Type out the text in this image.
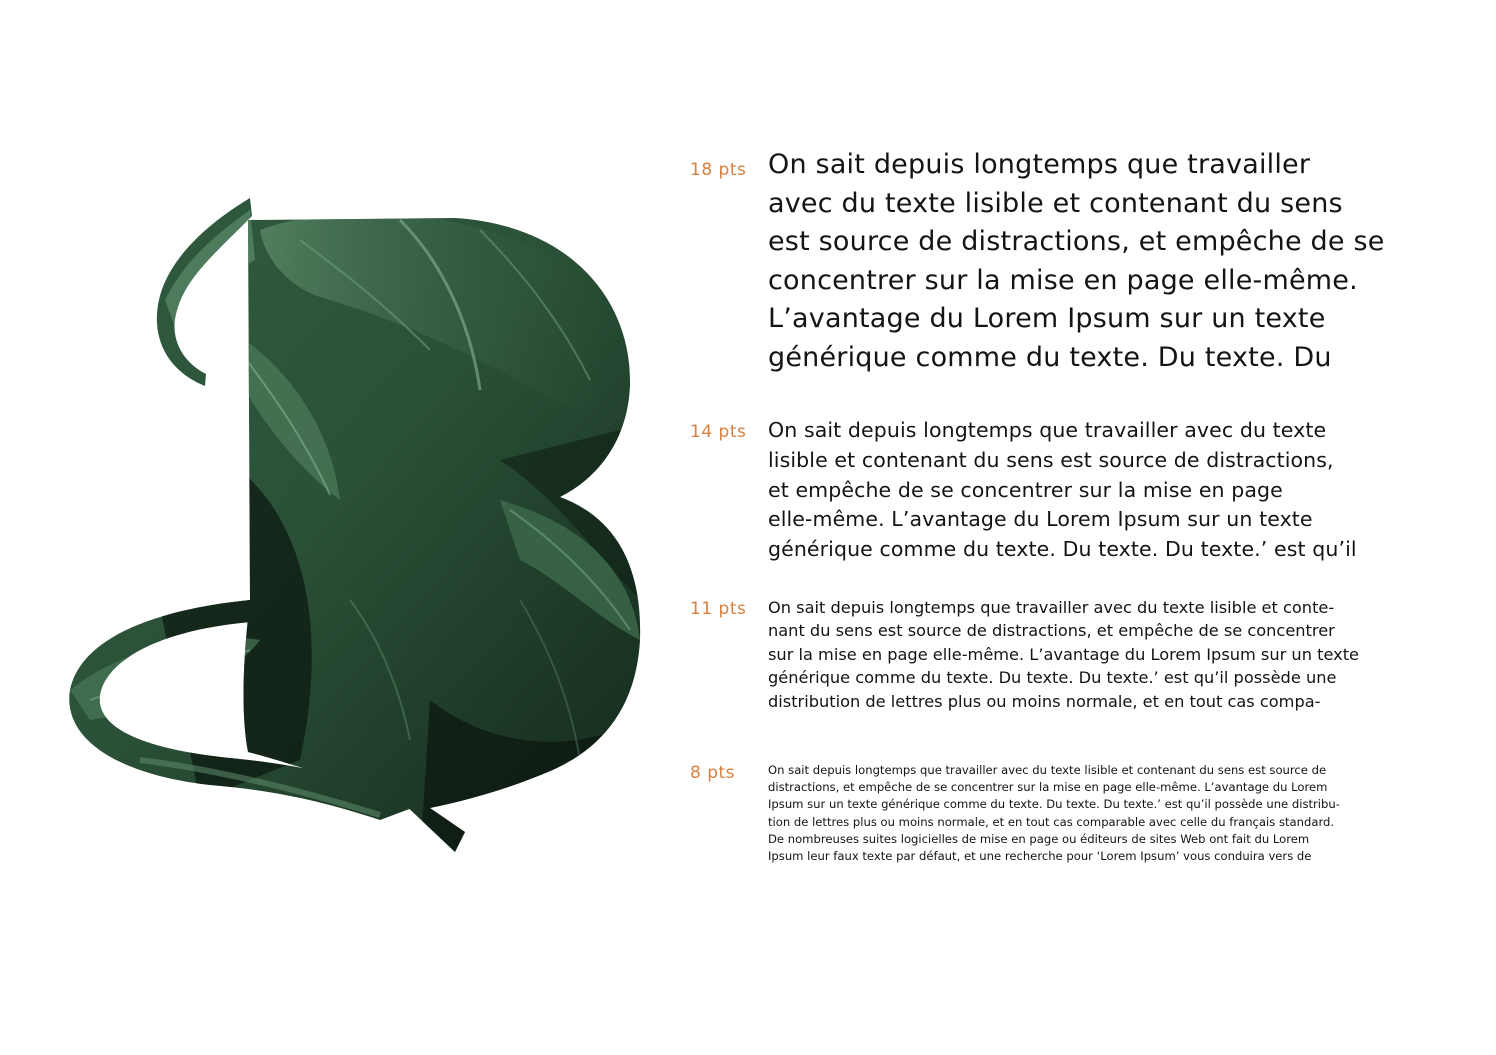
18 pts On sait depuis longtemps que travailler
avec du texte lisible et contenant du sens
est source de distractions, et empêche de se
concentrer sur la mise en page elle-même.
L’avantage du Lorem Ipsum sur un texte
générique comme du texte. Du texte. Du

14 pts On sait depuis longtemps que travailler avec du texte
lisible et contenant du sens est source de distractions,
et empêche de se concentrer sur la mise en page
elle-même. L’avantage du Lorem Ipsum sur un texte
générique comme du texte. Du texte. Du texte.’ est qu’il

11 pts On sait depuis longtemps que travailler avec du texte lisible et conte-
nant du sens est source de distractions, et empêche de se concentrer
sur la mise en page elle-même. L’avantage du Lorem Ipsum sur un texte
générique comme du texte. Du texte. Du texte.’ est qu’il possède une
distribution de lettres plus ou moins normale, et en tout cas compa-

8 pts	On sait depuis longtemps que travailler avec du texte lisible et contenant du sens est source de
distractions, et empêche de se concentrer sur la mise en page elle-même. L’avantage du Lorem
Ipsum sur un texte générique comme du texte. Du texte. Du texte.’ est qu’il possède une distribu-
tion de lettres plus ou moins normale, et en tout cas comparable avec celle du français standard.
De nombreuses suites logicielles de mise en page ou éditeurs de sites Web ont fait du Lorem
Ipsum leur faux texte par défaut, et une recherche pour ‘Lorem Ipsum’ vous conduira vers de
